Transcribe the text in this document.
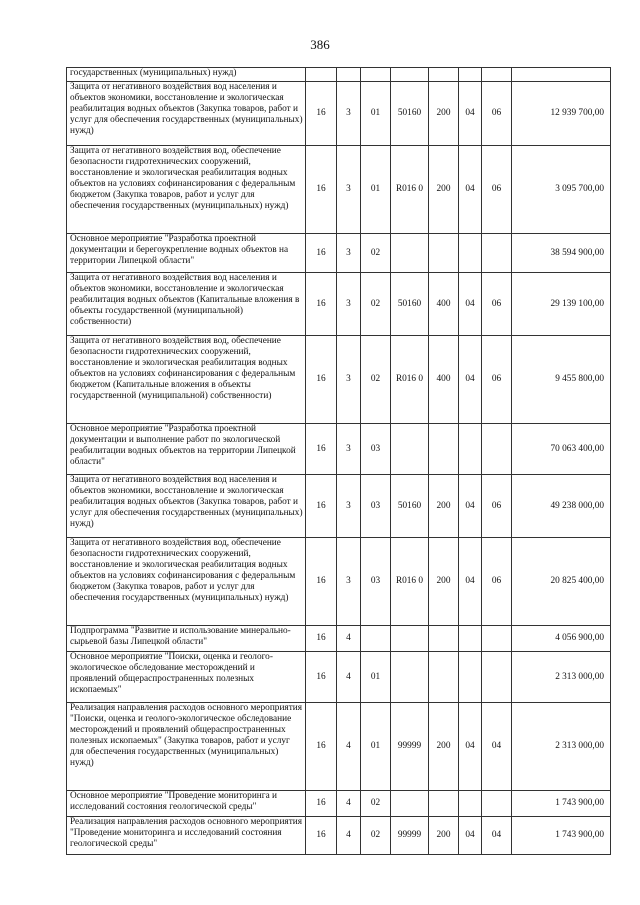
386
государственных (муниципальных) нужд)								
Защита от негативного воздействия вод населения и объектов экономики, восстановление и экологическая реабилитация водных объектов (Закупка товаров, работ и услуг для обеспечения государственных (муниципальных) нужд)	16	3	01	50160	200	04	06	12 939 700,00
Защита от негативного воздействия вод, обеспечение безопасности гидротехнических сооружений, восстановление и экологическая реабилитация водных объектов на условиях софинансирования с федеральным бюджетом (Закупка товаров, работ и услуг для обеспечения государственных (муниципальных) нужд)	16	3	01	R016 0	200	04	06	3 095 700,00
Основное мероприятие "Разработка проектной документации и берегоукрепление водных объектов на территории Липецкой области"	16	3	02					38 594 900,00
Защита от негативного воздействия вод населения и объектов экономики, восстановление и экологическая реабилитация водных объектов (Капитальные вложения в объекты государственной (муниципальной) собственности)	16	3	02	50160	400	04	06	29 139 100,00
Защита от негативного воздействия вод, обеспечение безопасности гидротехнических сооружений, восстановление и экологическая реабилитация водных объектов на условиях софинансирования с федеральным бюджетом (Капитальные вложения в объекты государственной (муниципальной) собственности)	16	3	02	R016 0	400	04	06	9 455 800,00
Основное мероприятие "Разработка проектной документации и выполнение работ по экологической реабилитации водных объектов на территории Липецкой области"	16	3	03					70 063 400,00
Защита от негативного воздействия вод населения и объектов экономики, восстановление и экологическая реабилитация водных объектов (Закупка товаров, работ и услуг для обеспечения государственных (муниципальных) нужд)	16	3	03	50160	200	04	06	49 238 000,00
Защита от негативного воздействия вод, обеспечение безопасности гидротехнических сооружений, восстановление и экологическая реабилитация водных объектов на условиях софинансирования с федеральным бюджетом (Закупка товаров, работ и услуг для обеспечения государственных (муниципальных) нужд)	16	3	03	R016 0	200	04	06	20 825 400,00
Подпрограмма "Развитие и использование минерально-сырьевой базы Липецкой области"	16	4						4 056 900,00
Основное мероприятие "Поиски, оценка и геолого-экологическое обследование месторождений и проявлений общераспространенных полезных ископаемых"	16	4	01					2 313 000,00
Реализация направления расходов основного мероприятия "Поиски, оценка и геолого-экологическое обследование месторождений и проявлений общераспространенных полезных ископаемых" (Закупка товаров, работ и услуг для обеспечения государственных (муниципальных) нужд)	16	4	01	99999	200	04	04	2 313 000,00
Основное мероприятие "Проведение мониторинга и исследований состояния геологической среды"	16	4	02					1 743 900,00
Реализация направления расходов основного мероприятия "Проведение мониторинга и исследований состояния геологической среды"	16	4	02	99999	200	04	04	1 743 900,00
